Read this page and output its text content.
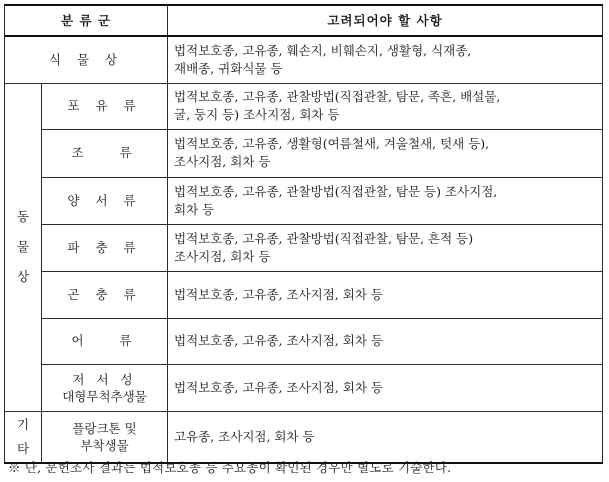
분 류 군		고려되어야 할 사항
식 물 상		법적보호종, 고유종, 훼손지, 비훼손지, 생활형, 식재종,
재배종, 귀화식물 등

동
물
상	포 유 류	법적보호종, 고유종, 관찰방법(직접관찰, 탐문, 족흔, 배설물,
굴, 둥지 등) 조사지점, 회차 등

	조   류	법적보호종, 고유종, 생활형(여름철새, 겨울철새, 텃새 등),
조사지점, 회차 등

	양 서 류	법적보호종, 고유종, 관찰방법(직접관찰, 탐문 등) 조사지점,
회차 등

	파 충 류	법적보호종, 고유종, 관찰방법(직접관찰, 탐문, 흔적 등)
조사지점, 회차 등

	곤 충 류	법적보호종, 고유종, 조사지점, 회차 등
	어   류	법적보호종, 고유종, 조사지점, 회차 등

	저 서 성
대형무척추생물	법적보호종, 고유종, 조사지점, 회차 등

기
타	플랑크톤 및
부착생물	고유종, 조사지점, 회차 등
※ 단, 문헌조사 결과는 법적보호종 등 주요종이 확인된 경우만 별도로 기술한다.
